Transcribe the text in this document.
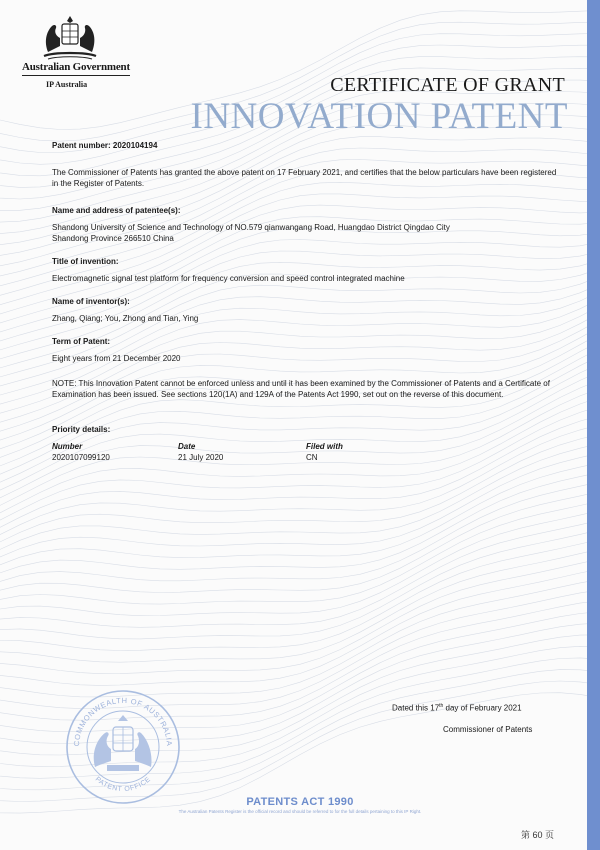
Australian Government
IP Australia	CERTIFICATE OF GRANT
INNOVATION PATENT
Patent number: 2020104194
The Commissioner of Patents has granted the above patent on 17 February 2021, and certifies that the below particulars have been registered in the Register of Patents.
Name and address of patentee(s):
Shandong University of Science and Technology of NO.579 qianwangang Road, Huangdao District Qingdao City
Shandong Province 266510 China
Title of invention:
Electromagnetic signal test platform for frequency conversion and speed control integrated machine
Name of inventor(s):
Zhang, Qiang; You, Zhong and Tian, Ying
Term of Patent:
Eight years from 21 December 2020
NOTE: This Innovation Patent cannot be enforced unless and until it has been examined by the Commissioner of Patents and a Certificate of Examination has been issued. See sections 120(1A) and 129A of the Patents Act 1990, set out on the reverse of this document.
Priority details:
Number	Date	Filed with
2020107099120	21 July 2020	CN
Dated this 17th day of February 2021
Commissioner of Patents
COMMONWEALTH OF AUSTRALIA
PATENT OFFICE
PATENTS ACT 1990
The Australian Patents Register is the official record and should be referred to for the full details pertaining to this IP Right.
第 60 页
